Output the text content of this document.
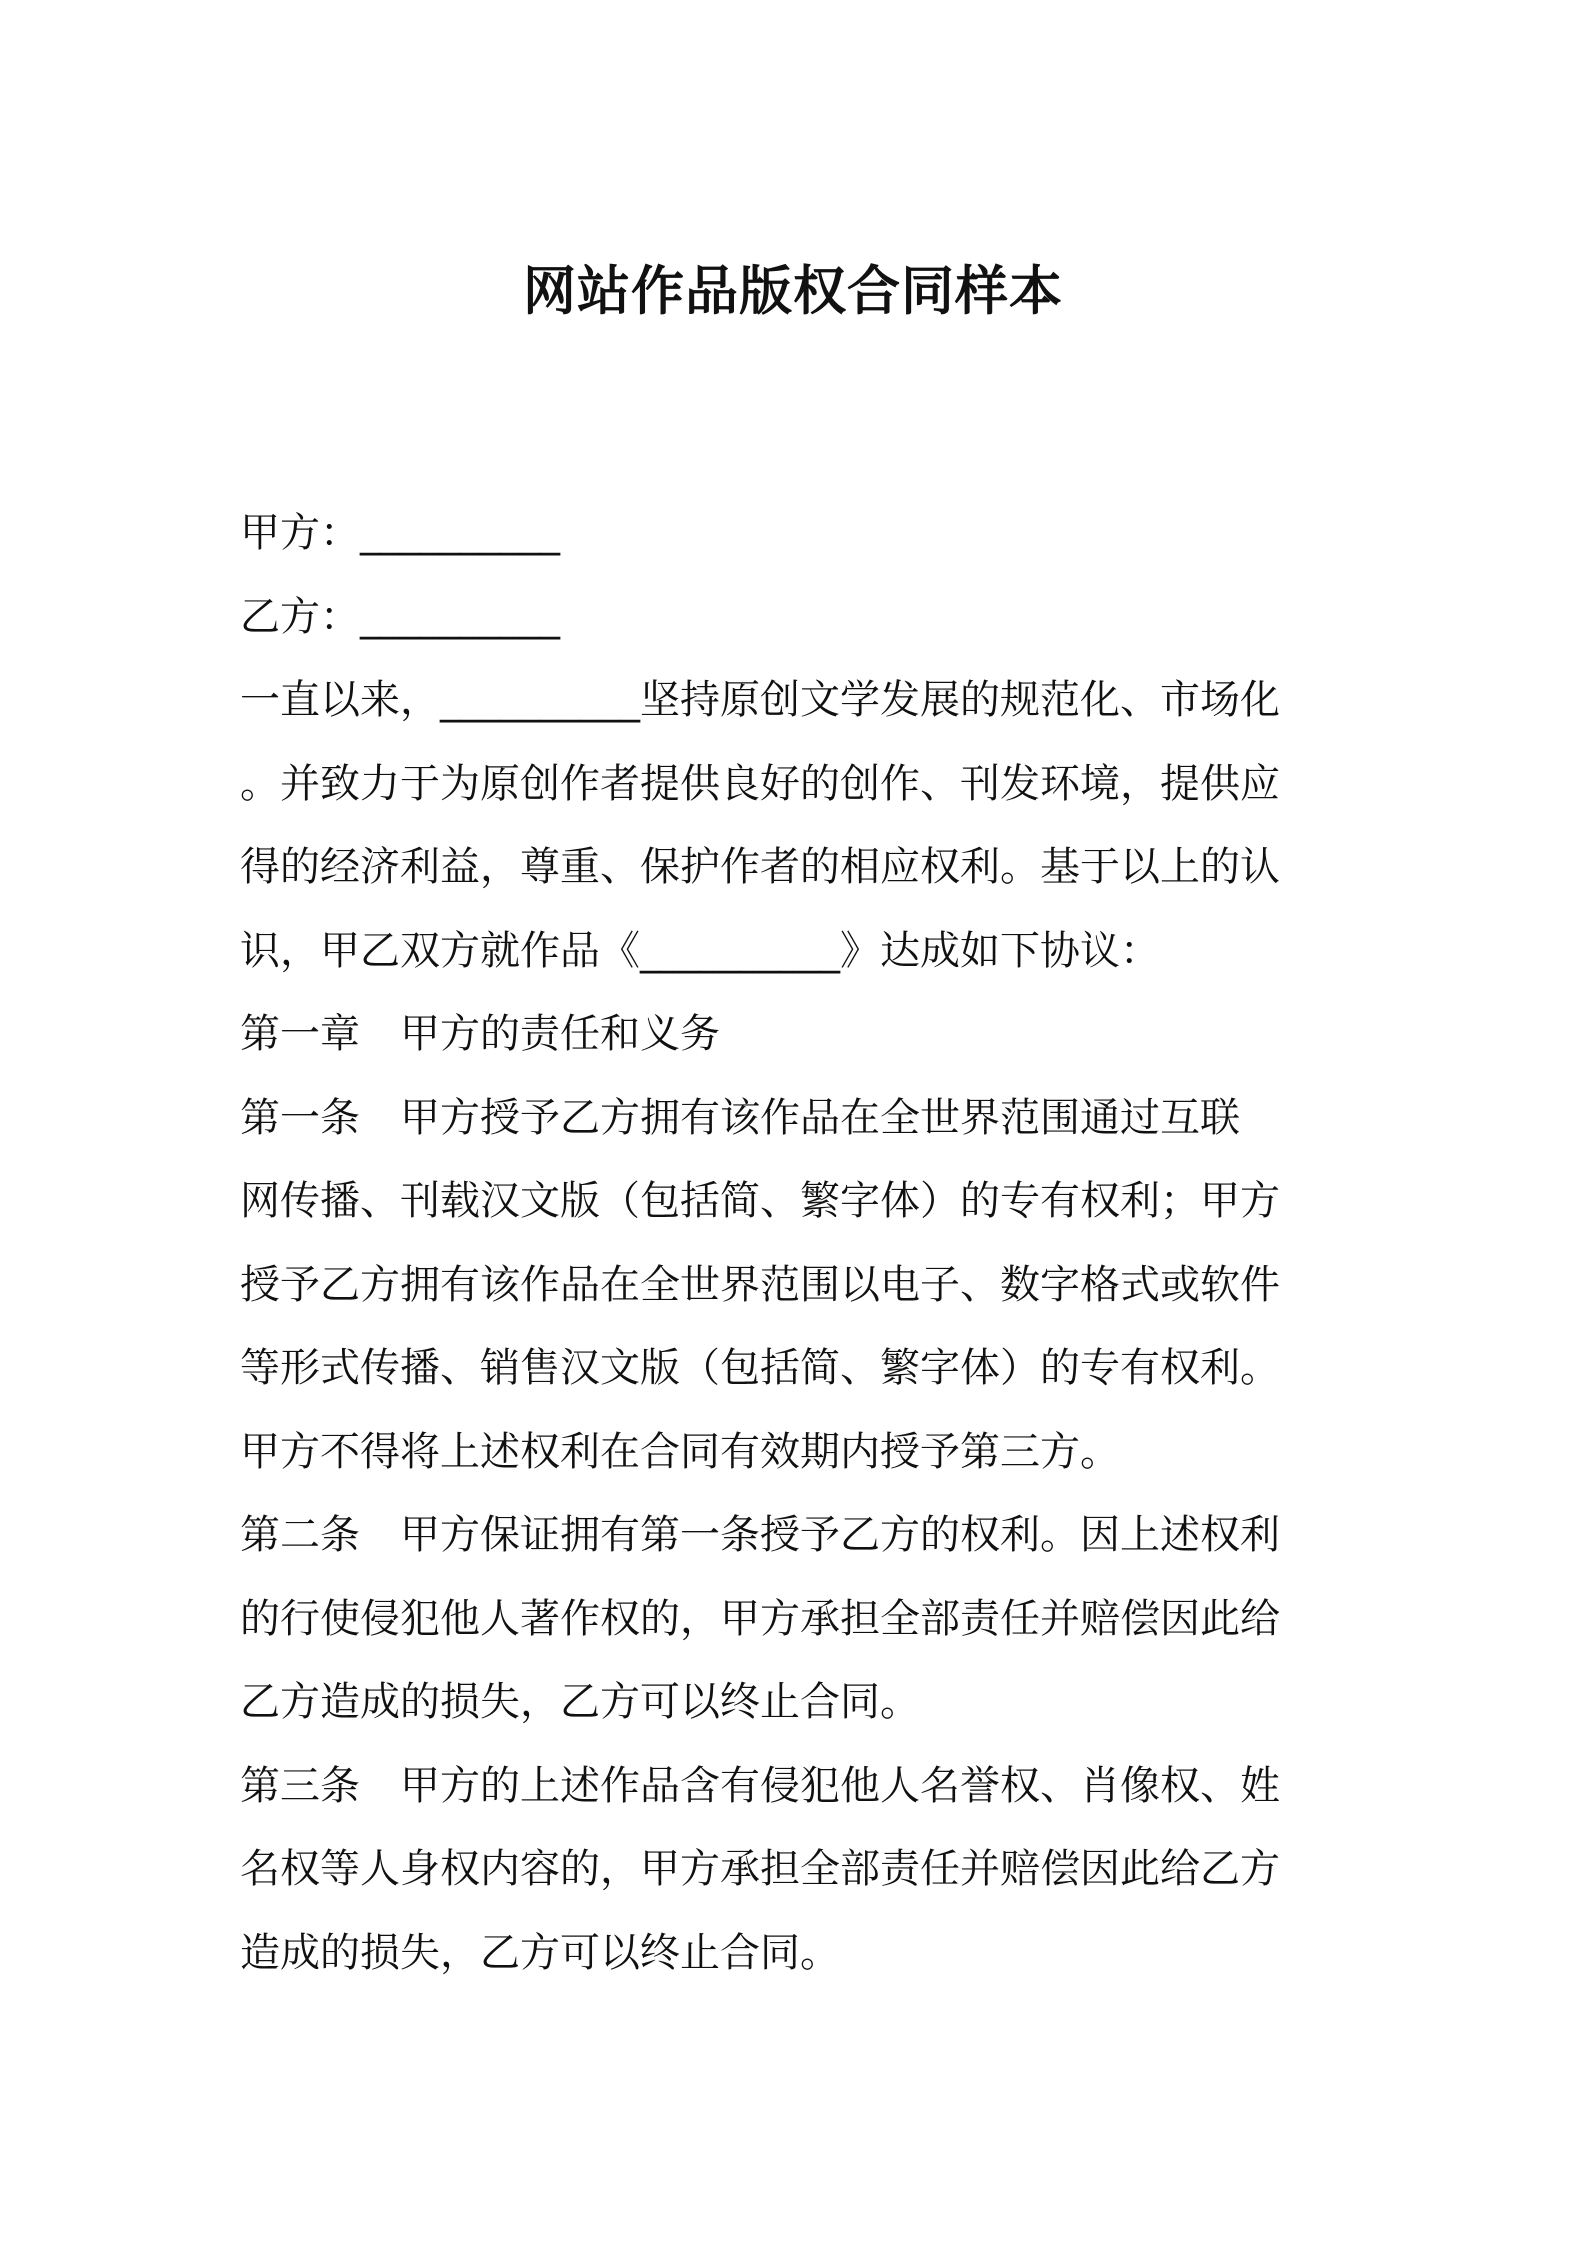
网站作品版权合同样本
甲方：__________
乙方：__________
一直以来，__________坚持原创文学发展的规范化、市场化
。并致力于为原创作者提供良好的创作、刊发环境，提供应
得的经济利益，尊重、保护作者的相应权利。基于以上的认
识，甲乙双方就作品《__________》达成如下协议：
第一章　甲方的责任和义务
第一条　甲方授予乙方拥有该作品在全世界范围通过互联
网传播、刊载汉文版（包括简、繁字体）的专有权利；甲方
授予乙方拥有该作品在全世界范围以电子、数字格式或软件
等形式传播、销售汉文版（包括简、繁字体）的专有权利。
甲方不得将上述权利在合同有效期内授予第三方。
第二条　甲方保证拥有第一条授予乙方的权利。因上述权利
的行使侵犯他人著作权的，甲方承担全部责任并赔偿因此给
乙方造成的损失，乙方可以终止合同。
第三条　甲方的上述作品含有侵犯他人名誉权、肖像权、姓
名权等人身权内容的，甲方承担全部责任并赔偿因此给乙方
造成的损失，乙方可以终止合同。
